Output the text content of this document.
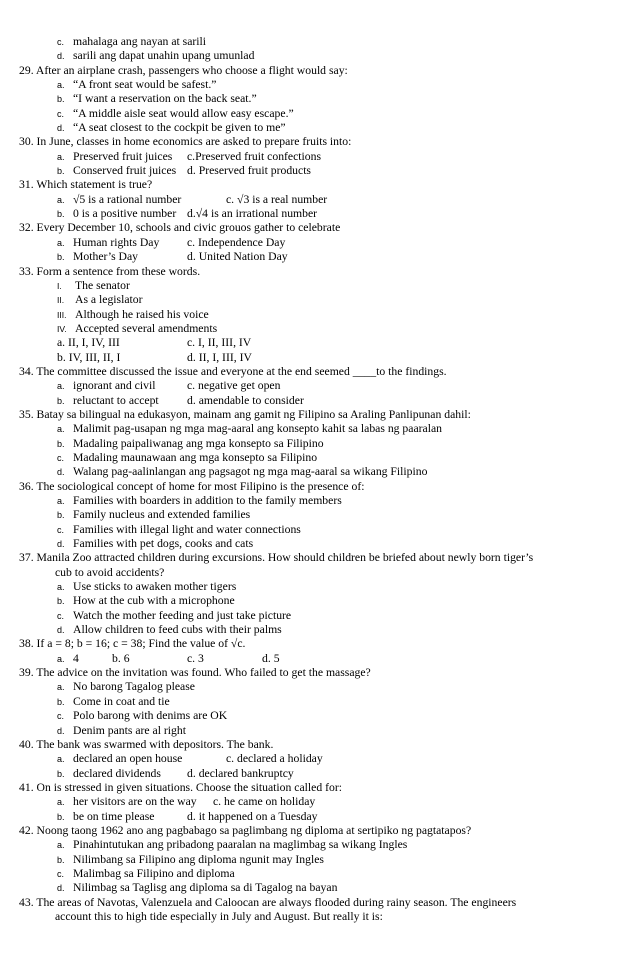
c. mahalaga ang nayan at sarili
d. sarili ang dapat unahin upang umunlad
29. After an airplane crash, passengers who choose a flight would say:
a. “A front seat would be safest.”
b. “I want a reservation on the back seat.”
c. “A middle aisle seat would allow easy escape.”
d. “A seat closest to the cockpit be given to me”
30. In June, classes in home economics are asked to prepare fruits into:
a. Preserved fruit juices c.Preserved fruit confections
b. Conserved fruit juices d. Preserved fruit products
31. Which statement is true?
a. √5 is a rational number	c. √3 is a real number
b. 0 is a positive number d.√4 is an irrational number
32. Every December 10, schools and civic grouos gather to celebrate
a. Human rights Day c. Independence Day
b. Mother’s Day	d. United Nation Day
33. Form a sentence from these words.
I. The senator
II. As a legislator
III. Although he raised his voice
IV. Accepted several amendments
a. II, I, IV, III	c. I, II, III, IV
b. IV, III, II, I	d. II, I, III, IV
34. The committee discussed the issue and everyone at the end seemed ____to the findings.
a. ignorant and civil	c. negative get open
b. reluctant to accept d. amendable to consider
35. Batay sa bilingual na edukasyon, mainam ang gamit ng Filipino sa Araling Panlipunan dahil:
a. Malimit pag-usapan ng mga mag-aaral ang konsepto kahit sa labas ng paaralan
b. Madaling paipaliwanag ang mga konsepto sa Filipino
c. Madaling maunawaan ang mga konsepto sa Filipino
d. Walang pag-aalinlangan ang pagsagot ng mga mag-aaral sa wikang Filipino
36. The sociological concept of home for most Filipino is the presence of:
a. Families with boarders in addition to the family members
b. Family nucleus and extended families
c. Families with illegal light and water connections
d. Families with pet dogs, cooks and cats
37. Manila Zoo attracted children during excursions. How should children be briefed about newly born tiger’s
cub to avoid accidents?
a. Use sticks to awaken mother tigers
b. How at the cub with a microphone
c. Watch the mother feeding and just take picture
d. Allow children to feed cubs with their palms
38. If a = 8; b = 16; c = 38; Find the value of √c.
a. 4	b. 6	c. 3	d. 5
39. The advice on the invitation was found. Who failed to get the massage?
a. No barong Tagalog please
b. Come in coat and tie
c. Polo barong with denims are OK
d. Denim pants are al right
40. The bank was swarmed with depositors. The bank.
a. declared an open house	c. declared a holiday
b. declared dividends d. declared bankruptcy
41. On is stressed in given situations. Choose the situation called for:
a. her visitors are on the way c. he came on holiday
b. be on time please	d. it happened on a Tuesday
42. Noong taong 1962 ano ang pagbabago sa paglimbang ng diploma at sertipiko ng pagtatapos?
a. Pinahintutukan ang pribadong paaralan na maglimbag sa wikang Ingles
b. Nilimbang sa Filipino ang diploma ngunit may Ingles
c. Malimbag sa Filipino and diploma
d. Nilimbag sa Taglisg ang diploma sa di Tagalog na bayan
43. The areas of Navotas, Valenzuela and Caloocan are always flooded during rainy season. The engineers
account this to high tide especially in July and August. But really it is:
